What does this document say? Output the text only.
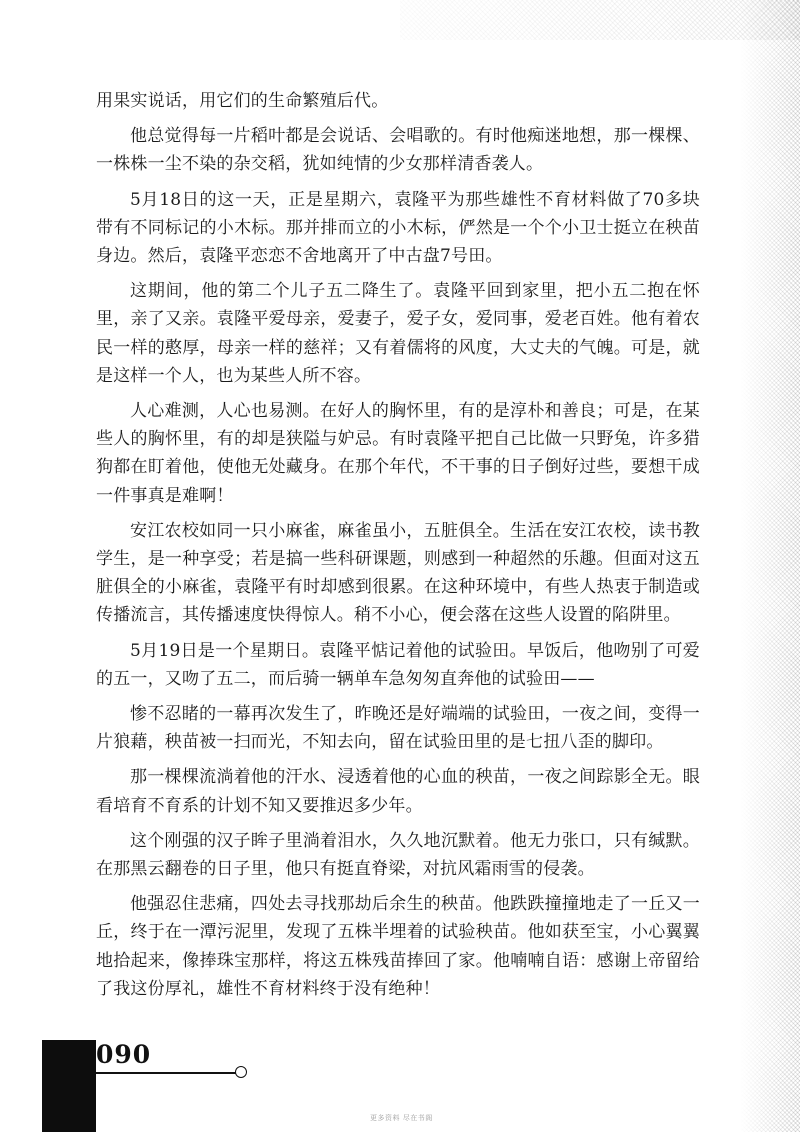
用果实说话，用它们的生命繁殖后代。

他总觉得每一片稻叶都是会说话、会唱歌的。有时他痴迷地想，那一棵棵、一株株一尘不染的杂交稻，犹如纯情的少女那样清香袭人。

5月18日的这一天，正是星期六，袁隆平为那些雄性不育材料做了70多块带有不同标记的小木标。那并排而立的小木标，俨然是一个个小卫士挺立在秧苗身边。然后，袁隆平恋恋不舍地离开了中古盘7号田。

这期间，他的第二个儿子五二降生了。袁隆平回到家里，把小五二抱在怀里，亲了又亲。袁隆平爱母亲，爱妻子，爱子女，爱同事，爱老百姓。他有着农民一样的憨厚，母亲一样的慈祥；又有着儒将的风度，大丈夫的气魄。可是，就是这样一个人，也为某些人所不容。

人心难测，人心也易测。在好人的胸怀里，有的是淳朴和善良；可是，在某些人的胸怀里，有的却是狭隘与妒忌。有时袁隆平把自己比做一只野兔，许多猎狗都在盯着他，使他无处藏身。在那个年代，不干事的日子倒好过些，要想干成一件事真是难啊！

安江农校如同一只小麻雀，麻雀虽小，五脏俱全。生活在安江农校，读书教学生，是一种享受；若是搞一些科研课题，则感到一种超然的乐趣。但面对这五脏俱全的小麻雀，袁隆平有时却感到很累。在这种环境中，有些人热衷于制造或传播流言，其传播速度快得惊人。稍不小心，便会落在这些人设置的陷阱里。

5月19日是一个星期日。袁隆平惦记着他的试验田。早饭后，他吻别了可爱的五一，又吻了五二，而后骑一辆单车急匆匆直奔他的试验田——

惨不忍睹的一幕再次发生了，昨晚还是好端端的试验田，一夜之间，变得一片狼藉，秧苗被一扫而光，不知去向，留在试验田里的是七扭八歪的脚印。

那一棵棵流淌着他的汗水、浸透着他的心血的秧苗，一夜之间踪影全无。眼看培育不育系的计划不知又要推迟多少年。

这个刚强的汉子眸子里淌着泪水，久久地沉默着。他无力张口，只有缄默。在那黑云翻卷的日子里，他只有挺直脊梁，对抗风霜雨雪的侵袭。

他强忍住悲痛，四处去寻找那劫后余生的秧苗。他跌跌撞撞地走了一丘又一丘，终于在一潭污泥里，发现了五株半埋着的试验秧苗。他如获至宝，小心翼翼地拾起来，像捧珠宝那样，将这五株残苗捧回了家。他喃喃自语：感谢上帝留给了我这份厚礼，雄性不育材料终于没有绝种！

090
更多资料 尽在书阁
